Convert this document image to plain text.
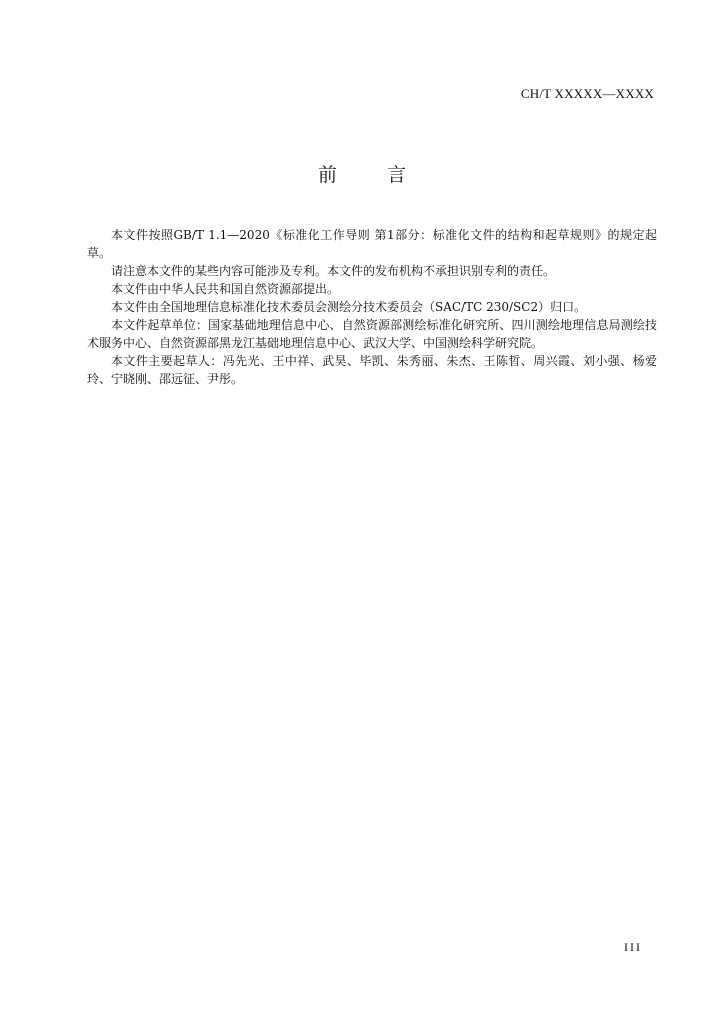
CH/T XXXXX—XXXX
前 言

本文件按照GB/T 1.1—2020《标准化工作导则 第1部分：标准化文件的结构和起草规则》的规定起草。

请注意本文件的某些内容可能涉及专利。本文件的发布机构不承担识别专利的责任。

本文件由中华人民共和国自然资源部提出。

本文件由全国地理信息标准化技术委员会测绘分技术委员会（SAC/TC 230/SC2）归口。

本文件起草单位：国家基础地理信息中心、自然资源部测绘标准化研究所、四川测绘地理信息局测绘技术服务中心、自然资源部黑龙江基础地理信息中心、武汉大学、中国测绘科学研究院。

本文件主要起草人：冯先光、王中祥、武昊、毕凯、朱秀丽、朱杰、王陈晢、周兴霞、刘小强、杨爱玲、宁晓刚、邵远征、尹彤。

III
